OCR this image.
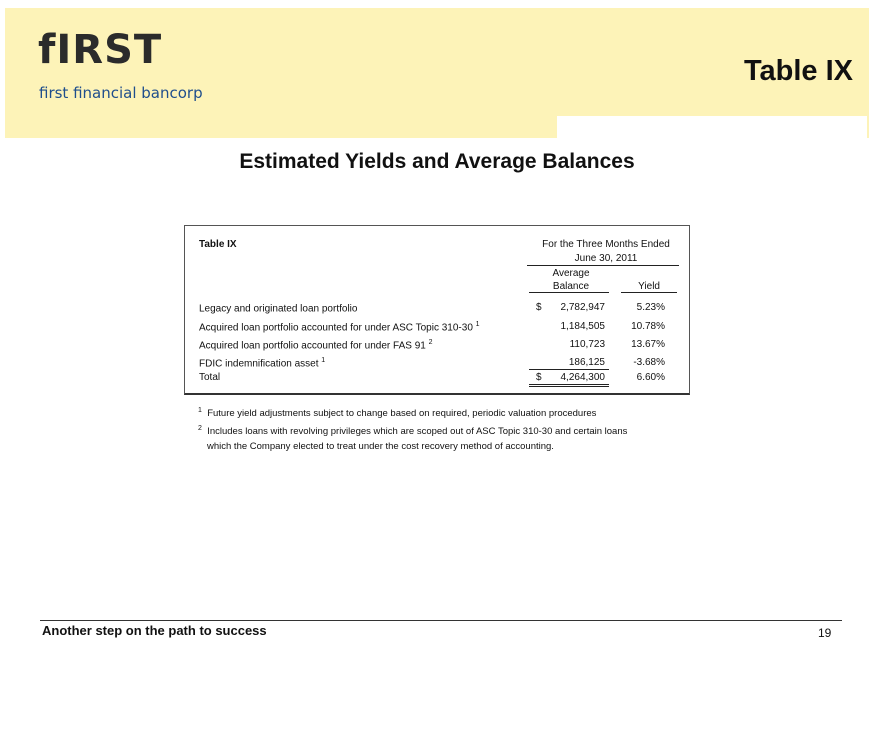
fIRST
first financial bancorp
Table IX
Estimated Yields and Average Balances
Table IX	For the Three Months Ended
June 30, 2011
Average
Balance	Yield
Legacy and originated loan portfolio	$	2,782,947	5.23%
Acquired loan portfolio accounted for under ASC Topic 310-30 $^1$	1,184,505	10.78%
Acquired loan portfolio accounted for under FAS 91 $^2$	110,723	13.67%
FDIC indemnification asset $^1$	186,125	-3.68%
Total	$	4,264,300	6.60%
$^1$ Future yield adjustments subject to change based on required, periodic valuation procedures
$^2$ Includes loans with revolving privileges which are scoped out of ASC Topic 310-30 and certain loans
which the Company elected to treat under the cost recovery method of accounting.
Another step on the path to success	19
